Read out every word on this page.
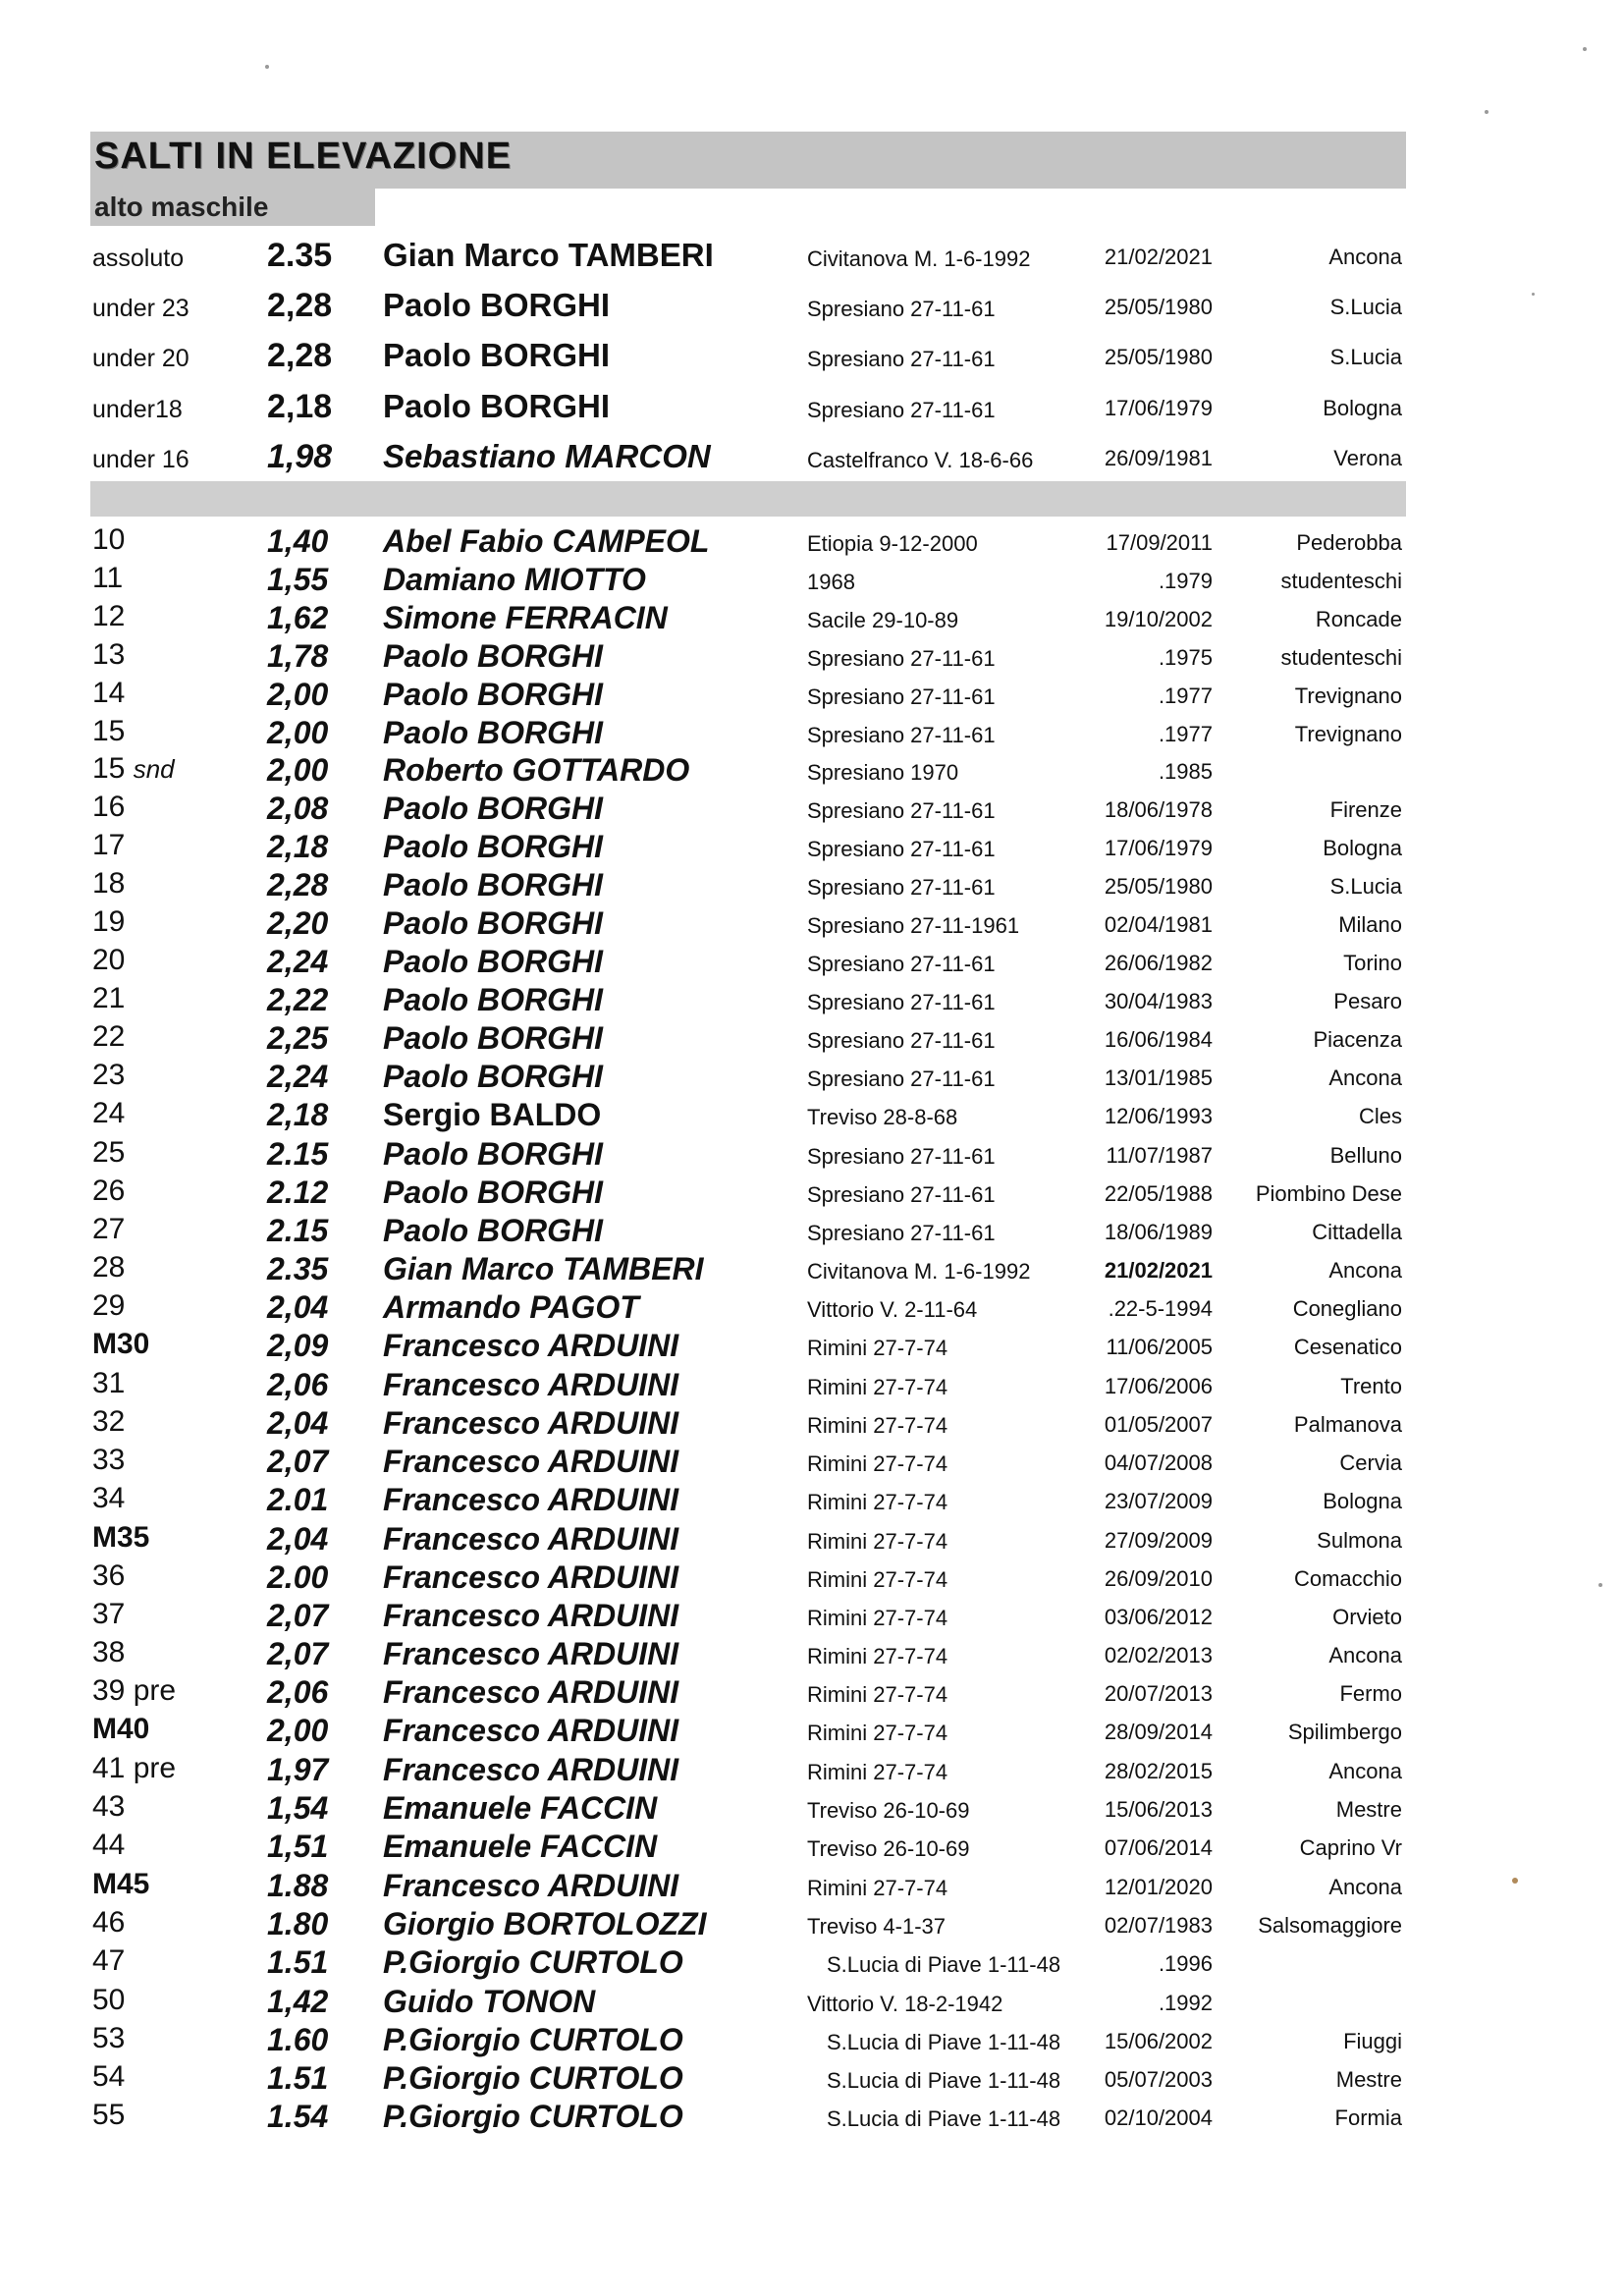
SALTI IN ELEVAZIONE
alto maschile
assoluto 2.35 Gian Marco TAMBERI	Civitanova M. 1-6-1992	21/02/2021	Ancona
under 23 2,28 Paolo BORGHI	Spresiano 27-11-61	25/05/1980	S.Lucia
under 20 2,28 Paolo BORGHI	Spresiano 27-11-61	25/05/1980	S.Lucia
under18	2,18 Paolo BORGHI	Spresiano 27-11-61	17/06/1979	Bologna
under 16 1,98 Sebastiano MARCON	Castelfranco V. 18-6-66	26/09/1981	Verona
10	1,40 Abel Fabio CAMPEOL	Etiopia 9-12-2000	17/09/2011	Pederobba
11	1,55 Damiano MIOTTO	1968	.1979	studenteschi
12	1,62 Simone FERRACIN	Sacile 29-10-89	19/10/2002	Roncade
13	1,78 Paolo BORGHI	Spresiano 27-11-61	.1975	studenteschi
14	2,00 Paolo BORGHI	Spresiano 27-11-61	.1977	Trevignano
15	2,00 Paolo BORGHI	Spresiano 27-11-61	.1977	Trevignano
15 snd	2,00 Roberto GOTTARDO	Spresiano 1970	.1985
16	2,08 Paolo BORGHI	Spresiano 27-11-61	18/06/1978	Firenze
17	2,18 Paolo BORGHI	Spresiano 27-11-61	17/06/1979	Bologna
18	2,28 Paolo BORGHI	Spresiano 27-11-61	25/05/1980	S.Lucia
19	2,20 Paolo BORGHI	Spresiano 27-11-1961	02/04/1981	Milano
20	2,24 Paolo BORGHI	Spresiano 27-11-61	26/06/1982	Torino
21	2,22 Paolo BORGHI	Spresiano 27-11-61	30/04/1983	Pesaro
22	2,25 Paolo BORGHI	Spresiano 27-11-61	16/06/1984	Piacenza
23	2,24 Paolo BORGHI	Spresiano 27-11-61	13/01/1985	Ancona
24	2,18 Sergio BALDO	Treviso 28-8-68	12/06/1993	Cles
25	2.15 Paolo BORGHI	Spresiano 27-11-61	11/07/1987	Belluno
26	2.12 Paolo BORGHI	Spresiano 27-11-61	22/05/1988	Piombino Dese
27	2.15 Paolo BORGHI	Spresiano 27-11-61	18/06/1989	Cittadella
28	2.35 Gian Marco TAMBERI	Civitanova M. 1-6-1992	21/02/2021	Ancona
29	2,04 Armando PAGOT	Vittorio V. 2-11-64	.22-5-1994	Conegliano
M30	2,09 Francesco ARDUINI	Rimini 27-7-74	11/06/2005	Cesenatico
31	2,06 Francesco ARDUINI	Rimini 27-7-74	17/06/2006	Trento
32	2,04 Francesco ARDUINI	Rimini 27-7-74	01/05/2007	Palmanova
33	2,07 Francesco ARDUINI	Rimini 27-7-74	04/07/2008	Cervia
34	2.01 Francesco ARDUINI	Rimini 27-7-74	23/07/2009	Bologna
M35	2,04 Francesco ARDUINI	Rimini 27-7-74	27/09/2009	Sulmona
36	2.00 Francesco ARDUINI	Rimini 27-7-74	26/09/2010	Comacchio
37	2,07 Francesco ARDUINI	Rimini 27-7-74	03/06/2012	Orvieto
38	2,07 Francesco ARDUINI	Rimini 27-7-74	02/02/2013	Ancona
39 pre	2,06 Francesco ARDUINI	Rimini 27-7-74	20/07/2013	Fermo
M40	2,00 Francesco ARDUINI	Rimini 27-7-74	28/09/2014	Spilimbergo
41 pre	1,97 Francesco ARDUINI	Rimini 27-7-74	28/02/2015	Ancona
43	1,54 Emanuele FACCIN	Treviso 26-10-69	15/06/2013	Mestre
44	1,51 Emanuele FACCIN	Treviso 26-10-69	07/06/2014	Caprino Vr
M45	1.88 Francesco ARDUINI	Rimini 27-7-74	12/01/2020	Ancona
46	1.80 Giorgio BORTOLOZZI	Treviso 4-1-37	02/07/1983	Salsomaggiore
47	1.51 P.Giorgio CURTOLO	S.Lucia di Piave 1-11-48	.1996
50	1,42 Guido TONON	Vittorio V. 18-2-1942	.1992
53	1.60 P.Giorgio CURTOLO	S.Lucia di Piave 1-11-48	15/06/2002	Fiuggi
54	1.51 P.Giorgio CURTOLO	S.Lucia di Piave 1-11-48	05/07/2003	Mestre
55	1.54 P.Giorgio CURTOLO	S.Lucia di Piave 1-11-48	02/10/2004	Formia
